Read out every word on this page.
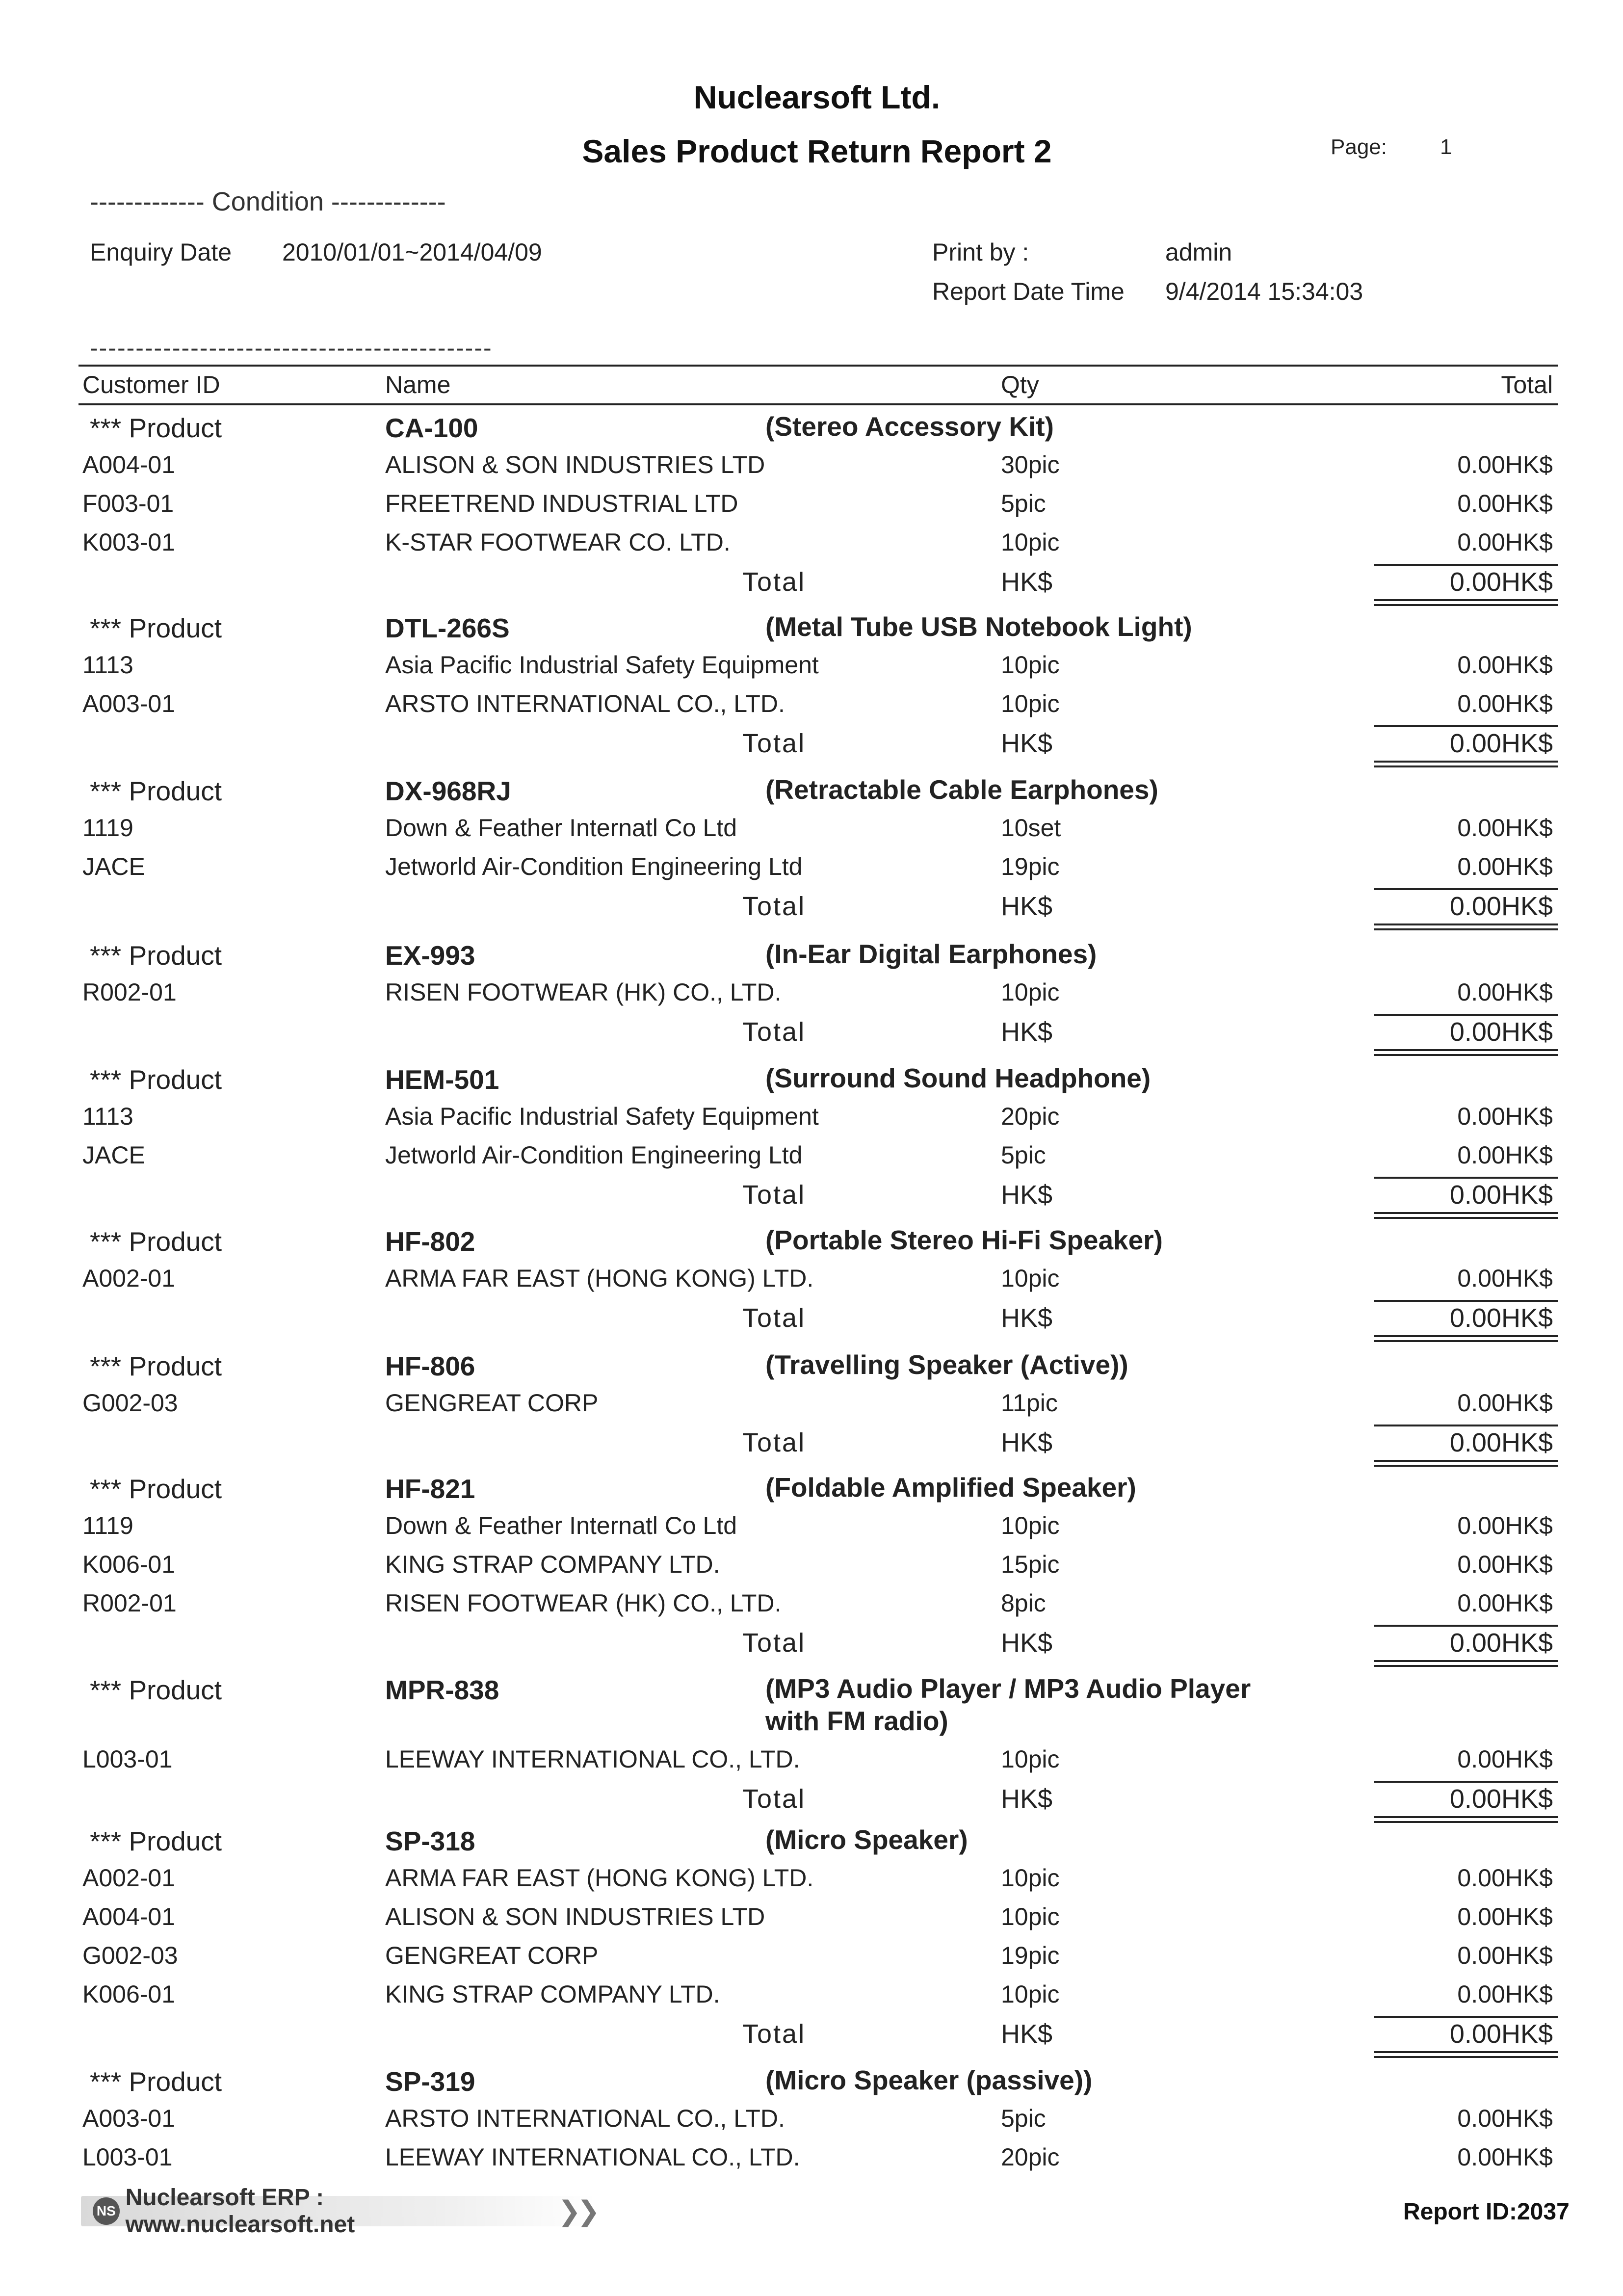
Nuclearsoft Ltd.
Sales Product Return Report 2	Page: 1
------------- Condition -------------
Enquiry Date 2010/01/01~2014/04/09	Print by :	admin
Report Date Time 9/4/2014 15:34:03
--------------------------------------------
Customer ID	Name	Qty	Total
*** Product	CA-100	(Stereo Accessory Kit)
A004-01	ALISON & SON INDUSTRIES LTD	30pic	0.00HK$
F003-01	FREETREND INDUSTRIAL LTD	5pic	0.00HK$
K003-01	K-STAR FOOTWEAR CO. LTD.	10pic	0.00HK$
Total	HK$	0.00HK$
*** Product	DTL-266S	(Metal Tube USB Notebook Light)
1113	Asia Pacific Industrial Safety Equipment	10pic	0.00HK$
A003-01	ARSTO INTERNATIONAL CO., LTD.	10pic	0.00HK$
Total	HK$	0.00HK$
*** Product	DX-968RJ	(Retractable Cable Earphones)
1119	Down & Feather Internatl Co Ltd	10set	0.00HK$
JACE	Jetworld Air-Condition Engineering Ltd	19pic	0.00HK$
Total	HK$	0.00HK$
*** Product	EX-993	(In-Ear Digital Earphones)
R002-01	RISEN FOOTWEAR (HK) CO., LTD.	10pic	0.00HK$
Total	HK$	0.00HK$
*** Product	HEM-501	(Surround Sound Headphone)
1113	Asia Pacific Industrial Safety Equipment	20pic	0.00HK$
JACE	Jetworld Air-Condition Engineering Ltd	5pic	0.00HK$
Total	HK$	0.00HK$
*** Product	HF-802	(Portable Stereo Hi-Fi Speaker)
A002-01	ARMA FAR EAST (HONG KONG) LTD.	10pic	0.00HK$
Total	HK$	0.00HK$
*** Product	HF-806	(Travelling Speaker (Active))
G002-03	GENGREAT CORP	11pic	0.00HK$
Total	HK$	0.00HK$
*** Product	HF-821	(Foldable Amplified Speaker)
1119	Down & Feather Internatl Co Ltd	10pic	0.00HK$
K006-01	KING STRAP COMPANY LTD.	15pic	0.00HK$
R002-01	RISEN FOOTWEAR (HK) CO., LTD.	8pic	0.00HK$
Total	HK$	0.00HK$
*** Product	MPR-838	(MP3 Audio Player / MP3 Audio Player with FM radio)
L003-01	LEEWAY INTERNATIONAL CO., LTD.	10pic	0.00HK$
Total	HK$	0.00HK$
*** Product	SP-318	(Micro Speaker)
A002-01	ARMA FAR EAST (HONG KONG) LTD.	10pic	0.00HK$
A004-01	ALISON & SON INDUSTRIES LTD	10pic	0.00HK$
G002-03	GENGREAT CORP	19pic	0.00HK$
K006-01	KING STRAP COMPANY LTD.	10pic	0.00HK$
Total	HK$	0.00HK$
*** Product	SP-319	(Micro Speaker (passive))
A003-01	ARSTO INTERNATIONAL CO., LTD.	5pic	0.00HK$
L003-01	LEEWAY INTERNATIONAL CO., LTD.	20pic	0.00HK$
NS
Nuclearsoft ERP : www.nuclearsoft.net	❯❯	Report ID:2037
